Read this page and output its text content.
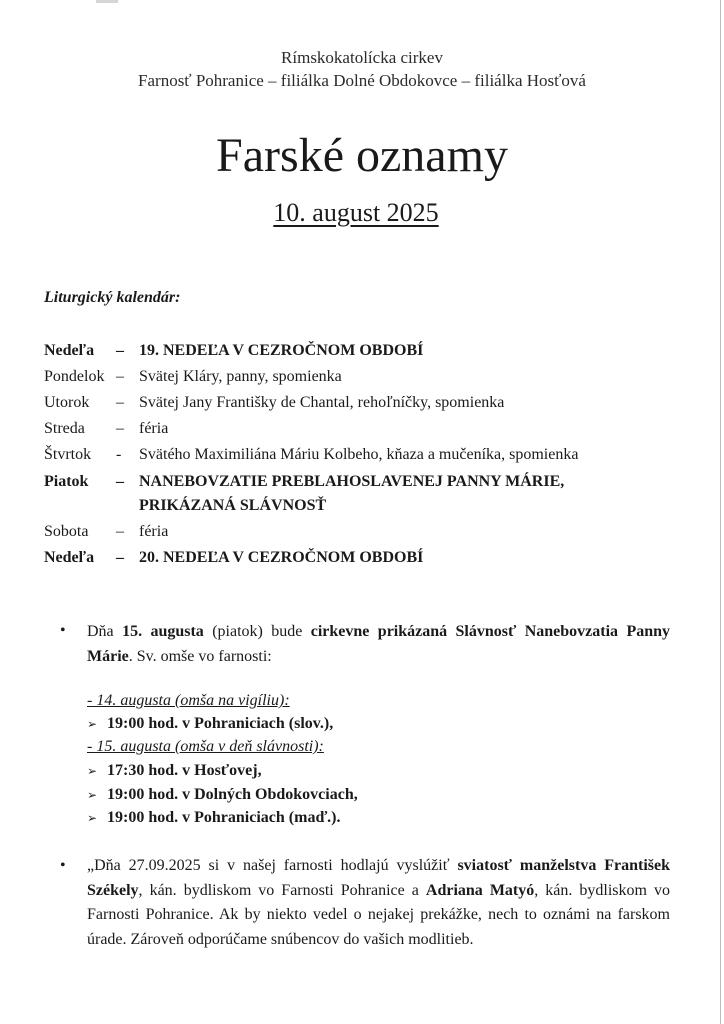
Rímskokatolícka cirkev
Farnosť Pohranice – filiálka Dolné Obdokovce – filiálka Hosťová
Farské oznamy
10. august 2025
Liturgický kalendár:
Nedeľa – 19. NEDEĽA V CEZROČNOM OBDOBÍ
Pondelok – Svätej Kláry, panny, spomienka
Utorok – Svätej Jany Františky de Chantal, rehoľníčky, spomienka
Streda – féria
Štvrtok - Svätého Maximiliána Máriu Kolbeho, kňaza a mučeníka, spomienka
Piatok – NANEBOVZATIE PREBLAHOSLAVENEJ PANNY MÁRIE,
PRIKÁZANÁ SLÁVNOSŤ
Sobota – féria
Nedeľa – 20. NEDEĽA V CEZROČNOM OBDOBÍ
• Dňa 15. augusta (piatok) bude cirkevne prikázaná Slávnosť Nanebovzatia Panny Márie. Sv. omše vo farnosti:
- 14. augusta (omša na vigíliu):
➢ 19:00 hod. v Pohraniciach (slov.),
- 15. augusta (omša v deň slávnosti):
➢ 17:30 hod. v Hosťovej,
➢ 19:00 hod. v Dolných Obdokovciach,
➢ 19:00 hod. v Pohraniciach (maď.).
• „Dňa 27.09.2025 si v našej farnosti hodlajú vyslúžiť sviatosť manželstva František Székely, kán. bydliskom vo Farnosti Pohranice a Adriana Matyó, kán. bydliskom vo Farnosti Pohranice. Ak by niekto vedel o nejakej prekážke, nech to oznámi na farskom úrade. Zároveň odporúčame snúbencov do vašich modlitieb.
